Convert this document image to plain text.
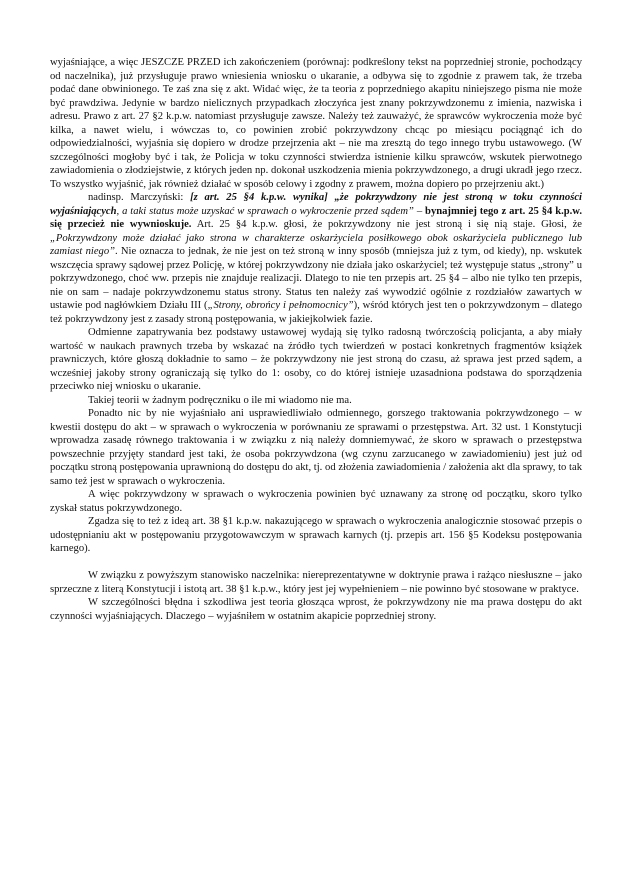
wyjaśniające, a więc JESZCZE PRZED ich zakończeniem (porównaj: podkreślony tekst na poprzedniej stronie, pochodzący od naczelnika), już przysługuje prawo wniesienia wniosku o ukaranie, a odbywa się to zgodnie z prawem tak, że trzeba podać dane obwinionego. Te zaś zna się z akt. Widać więc, że ta teoria z poprzedniego akapitu niniejszego pisma nie może być prawdziwa. Jedynie w bardzo nielicznych przypadkach złoczyńca jest znany pokrzywdzonemu z imienia, nazwiska i adresu. Prawo z art. 27 §2 k.p.w. natomiast przysługuje zawsze. Należy też zauważyć, że sprawców wykroczenia może być kilka, a nawet wielu, i wówczas to, co powinien zrobić pokrzywdzony chcąc po miesiącu pociągnąć ich do odpowiedzialności, wyjaśnia się dopiero w drodze przejrzenia akt – nie ma zresztą do tego innego trybu ustawowego. (W szczególności mogłoby być i tak, że Policja w toku czynności stwierdza istnienie kilku sprawców, wskutek pierwotnego zawiadomienia o złodziejstwie, z których jeden np. dokonał uszkodzenia mienia pokrzywdzonego, a drugi ukradł jego rzecz. To wszystko wyjaśnić, jak również działać w sposób celowy i zgodny z prawem, można dopiero po przejrzeniu akt.)

nadinsp. Marczyński: [z art. 25 §4 k.p.w. wynika] „że pokrzywdzony nie jest stroną w toku czynności wyjaśniających, a taki status może uzyskać w sprawach o wykroczenie przed sądem” – bynajmniej tego z art. 25 §4 k.p.w. się przecież nie wywnioskuje. Art. 25 §4 k.p.w. głosi, że pokrzywdzony nie jest stroną i się nią staje. Głosi, że „Pokrzywdzony może działać jako strona w charakterze oskarżyciela posiłkowego obok oskarżyciela publicznego lub zamiast niego”. Nie oznacza to jednak, że nie jest on też stroną w inny sposób (mniejsza już z tym, od kiedy), np. wskutek wszczęcia sprawy sądowej przez Policję, w której pokrzywdzony nie działa jako oskarżyciel; też występuje status „strony” u pokrzywdzonego, choć ww. przepis nie znajduje realizacji. Dlatego to nie ten przepis art. 25 §4 – albo nie tylko ten przepis, nie on sam – nadaje pokrzywdzonemu status strony. Status ten należy zaś wywodzić ogólnie z rozdziałów zawartych w ustawie pod nagłówkiem Działu III („Strony, obrońcy i pełnomocnicy”), wśród których jest ten o pokrzywdzonym – dlatego też pokrzywdzony jest z zasady stroną postępowania, w jakiejkolwiek fazie.

Odmienne zapatrywania bez podstawy ustawowej wydają się tylko radosną twórczością policjanta, a aby miały wartość w naukach prawnych trzeba by wskazać na źródło tych twierdzeń w postaci konkretnych fragmentów książek prawniczych, które głoszą dokładnie to samo – że pokrzywdzony nie jest stroną do czasu, aż sprawa jest przed sądem, a wcześniej jakoby strony ograniczają się tylko do 1: osoby, co do której istnieje uzasadniona podstawa do sporządzenia przeciwko niej wniosku o ukaranie.

Takiej teorii w żadnym podręczniku o ile mi wiadomo nie ma.

Ponadto nic by nie wyjaśniało ani usprawiedliwiało odmiennego, gorszego traktowania pokrzywdzonego – w kwestii dostępu do akt – w sprawach o wykroczenia w porównaniu ze sprawami o przestępstwa. Art. 32 ust. 1 Konstytucji wprowadza zasadę równego traktowania i w związku z nią należy domniemywać, że skoro w sprawach o przestępstwa powszechnie przyjęty standard jest taki, że osoba pokrzywdzona (wg czynu zarzucanego w zawiadomieniu) jest już od początku stroną postępowania uprawnioną do dostępu do akt, tj. od złożenia zawiadomienia / założenia akt dla sprawy, to tak samo też jest w sprawach o wykroczenia.

A więc pokrzywdzony w sprawach o wykroczenia powinien być uznawany za stronę od początku, skoro tylko zyskał status pokrzywdzonego.

Zgadza się to też z ideą art. 38 §1 k.p.w. nakazującego w sprawach o wykroczenia analogicznie stosować przepis o udostępnianiu akt w postępowaniu przygotowawczym w sprawach karnych (tj. przepis art. 156 §5 Kodeksu postępowania karnego).

W związku z powyższym stanowisko naczelnika: niereprezentatywne w doktrynie prawa i rażąco niesłuszne – jako sprzeczne z literą Konstytucji i istotą art. 38 §1 k.p.w., który jest jej wypełnieniem – nie powinno być stosowane w praktyce.

W szczególności błędna i szkodliwa jest teoria głosząca wprost, że pokrzywdzony nie ma prawa dostępu do akt czynności wyjaśniających. Dlaczego – wyjaśniłem w ostatnim akapicie poprzedniej strony.
